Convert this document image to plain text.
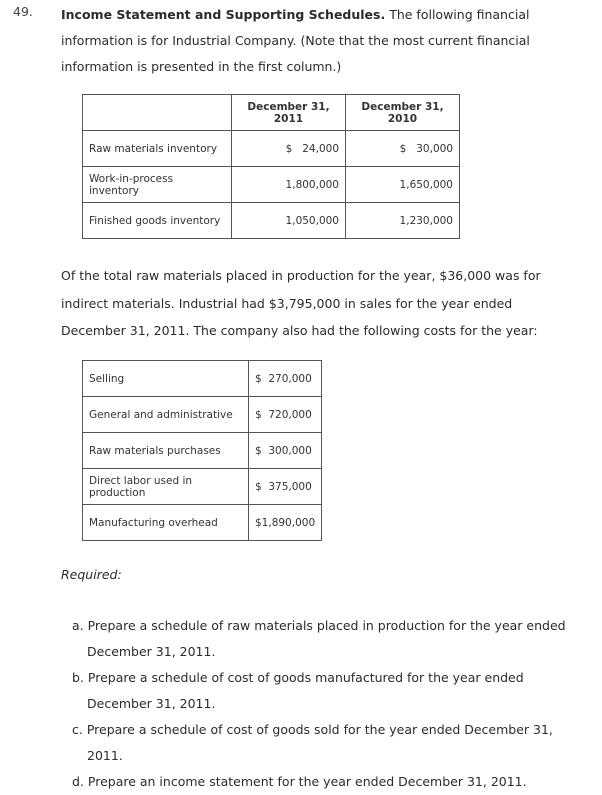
49. Income Statement and Supporting Schedules. The following financial information is for Industrial Company. (Note that the most current financial information is presented in the first column.)
	December 31, 2011	December 31, 2010
Raw materials inventory	$   24,000	$   30,000
Work-in-process inventory	1,800,000	1,650,000
Finished goods inventory	1,050,000	1,230,000
Of the total raw materials placed in production for the year, $36,000 was for indirect materials. Industrial had $3,795,000 in sales for the year ended December 31, 2011. The company also had the following costs for the year:
Selling	$  270,000
General and administrative	$  720,000
Raw materials purchases	$  300,000
Direct labor used in production	$  375,000
Manufacturing overhead	$1,890,000
Required:
a. Prepare a schedule of raw materials placed in production for the year ended December 31, 2011.
b. Prepare a schedule of cost of goods manufactured for the year ended December 31, 2011.
c. Prepare a schedule of cost of goods sold for the year ended December 31, 2011.
d. Prepare an income statement for the year ended December 31, 2011.
